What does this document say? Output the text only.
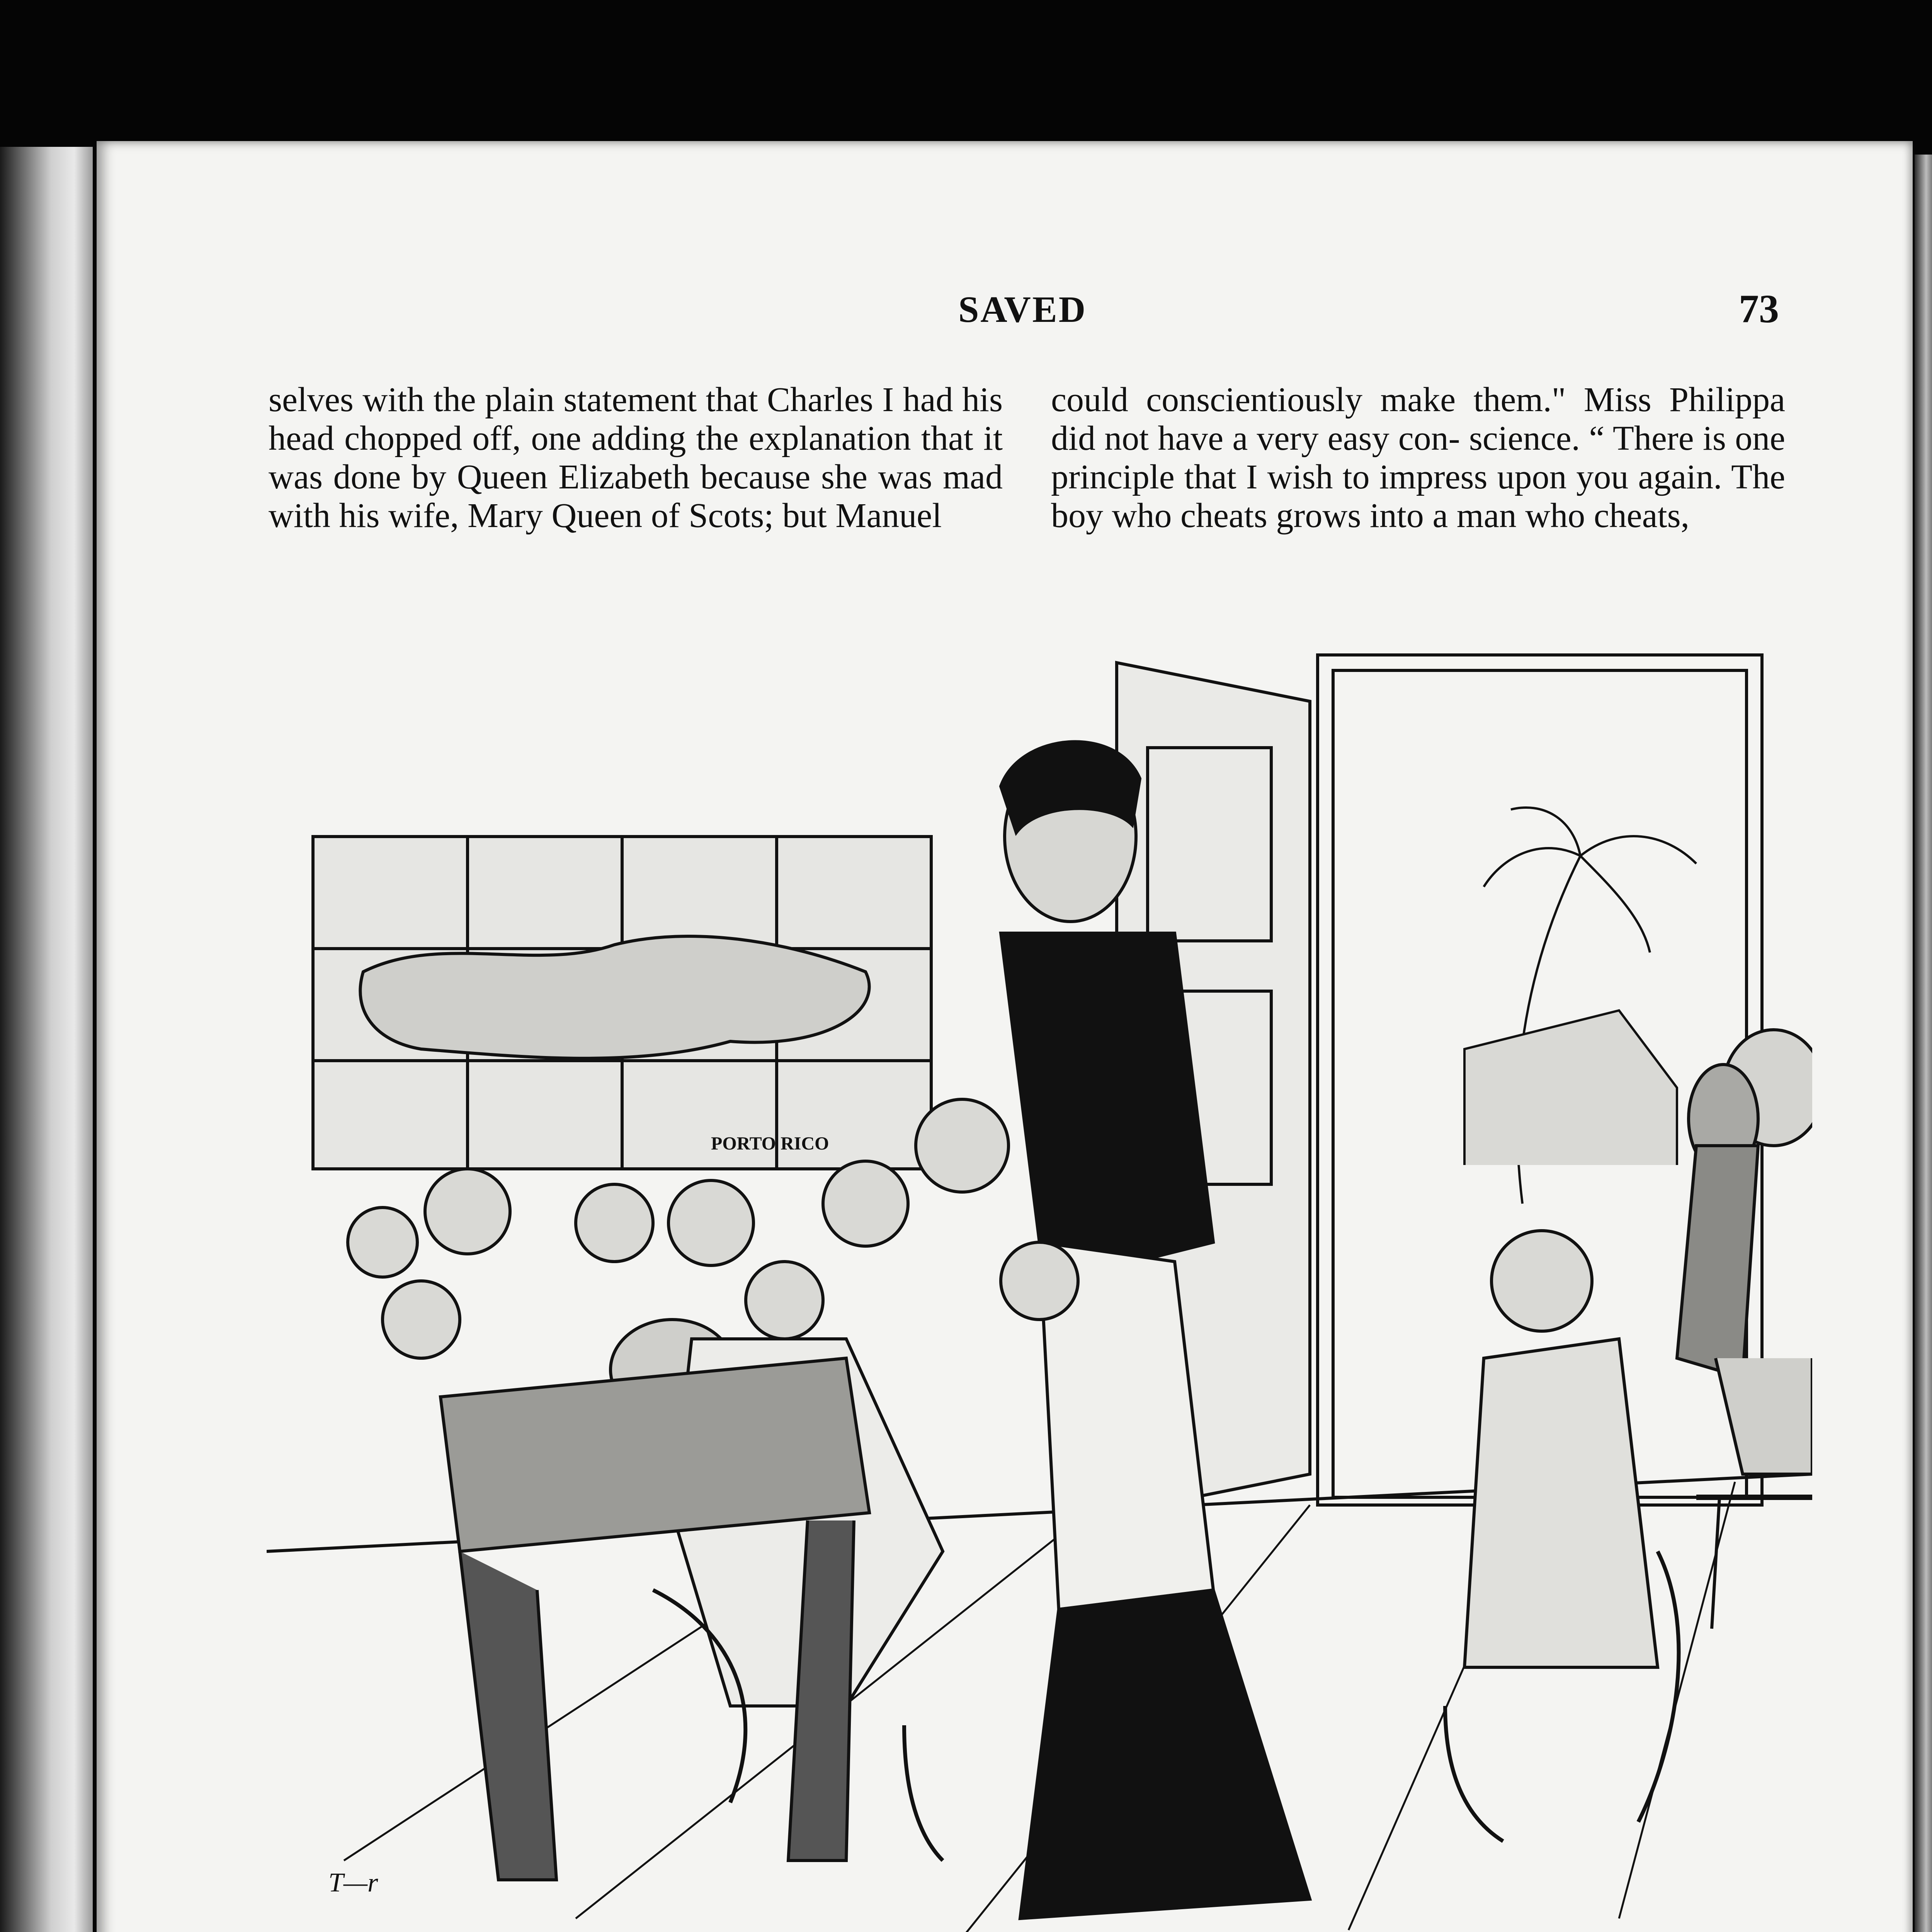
SAVED	73

selves with the plain statement that Charles I had his head chopped off, one adding the explanation that it was done by Queen Elizabeth because she was mad with his wife, Mary Queen of Scots; but Manuel

could conscientiously make them." Miss Philippa did not have a very easy con- science. “ There is one principle that I wish to impress upon you again. The boy who cheats grows into a man who cheats,

PORTO RICO
T—r
